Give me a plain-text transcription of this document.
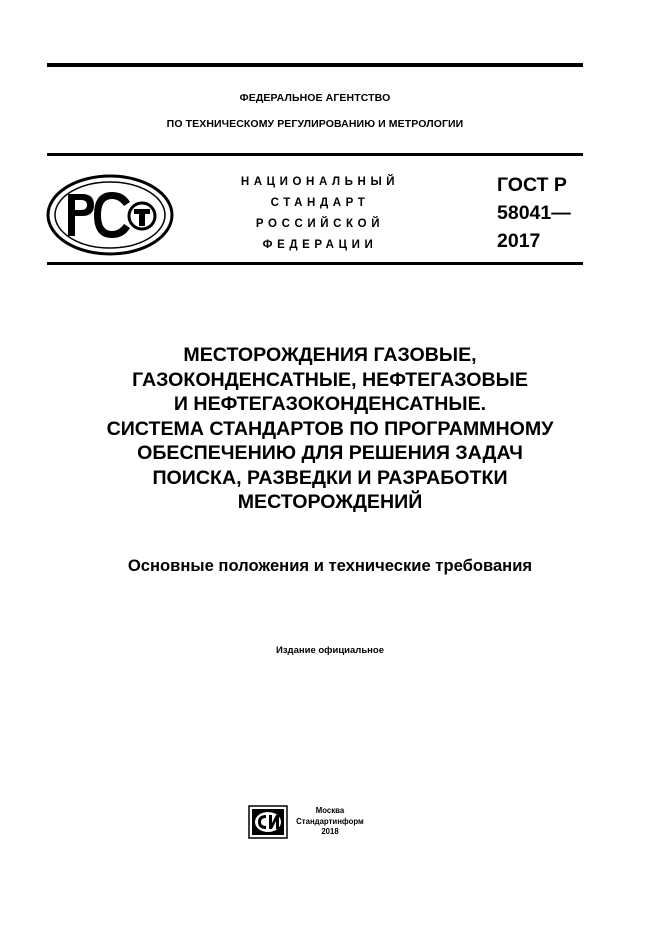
ФЕДЕРАЛЬНОЕ АГЕНТСТВО
ПО ТЕХНИЧЕСКОМУ РЕГУЛИРОВАНИЮ И МЕТРОЛОГИИ
НАЦИОНАЛЬНЫЙ
СТАНДАРТ
РОССИЙСКОЙ
ФЕДЕРАЦИИ
ГОСТ Р
58041—
2017
МЕСТОРОЖДЕНИЯ ГАЗОВЫЕ,
ГАЗОКОНДЕНСАТНЫЕ, НЕФТЕГАЗОВЫЕ
И НЕФТЕГАЗОКОНДЕНСАТНЫЕ.
СИСТЕМА СТАНДАРТОВ ПО ПРОГРАММНОМУ
ОБЕСПЕЧЕНИЮ ДЛЯ РЕШЕНИЯ ЗАДАЧ
ПОИСКА, РАЗВЕДКИ И РАЗРАБОТКИ
МЕСТОРОЖДЕНИЙ
Основные положения и технические требования
Издание официальное
Москва
Стандартинформ
2018
